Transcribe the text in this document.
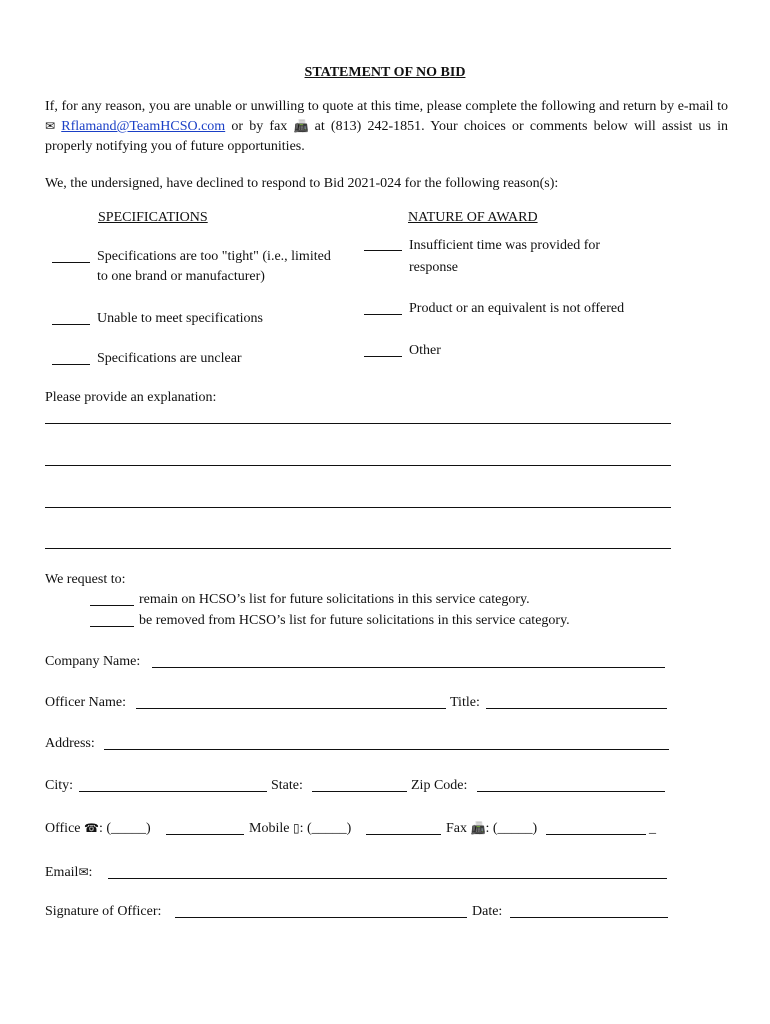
STATEMENT OF NO BID
If, for any reason, you are unable or unwilling to quote at this time, please complete the following and return by e-mail to ✉ Rflamand@TeamHCSO.com or by fax 📠 at (813) 242-1851. Your choices or comments below will assist us in properly notifying you of future opportunities.
We, the undersigned, have declined to respond to Bid 2021-024 for the following reason(s):
SPECIFICATIONS	NATURE OF AWARD
Specifications are too "tight" (i.e., limited
to one brand or manufacturer)
Unable to meet specifications
Specifications are unclear
Insufficient time was provided for
response
Product or an equivalent is not offered
Other
Please provide an explanation:
We request to:
remain on HCSO’s list for future solicitations in this service category.
be removed from HCSO’s list for future solicitations in this service category.
Company Name:
Officer Name:	Title:
Address:
City:	State:	Zip Code:
Office ☎: (_____)	Mobile ▯: (_____)	Fax 📠: (_____)	_
Email✉:
Signature of Officer:	Date:
